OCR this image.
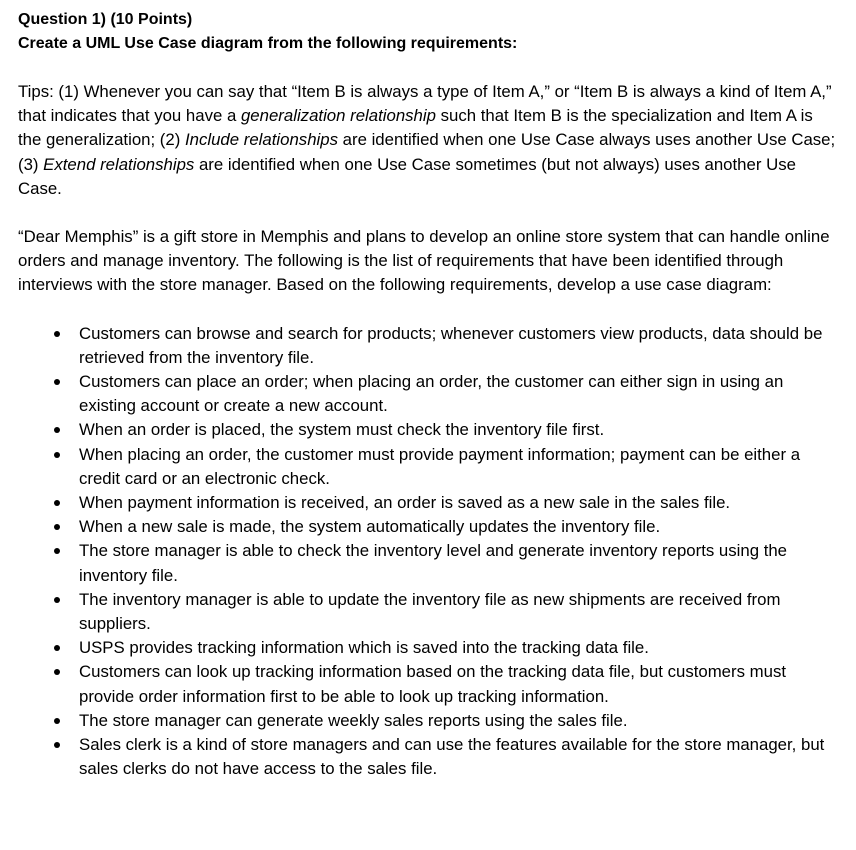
Question 1) (10 Points)

Create a UML Use Case diagram from the following requirements:

Tips: (1) Whenever you can say that “Item B is always a type of Item A,” or “Item B is always a kind of Item A,” that indicates that you have a generalization relationship such that Item B is the specialization and Item A is the generalization; (2) Include relationships are identified when one Use Case always uses another Use Case; (3) Extend relationships are identified when one Use Case sometimes (but not always) uses another Use Case.

“Dear Memphis” is a gift store in Memphis and plans to develop an online store system that can handle online orders and manage inventory. The following is the list of requirements that have been identified through interviews with the store manager. Based on the following requirements, develop a use case diagram:

Customers can browse and search for products; whenever customers view products, data should be retrieved from the inventory file.
Customers can place an order; when placing an order, the customer can either sign in using an existing account or create a new account.
When an order is placed, the system must check the inventory file first.
When placing an order, the customer must provide payment information; payment can be either a credit card or an electronic check.
When payment information is received, an order is saved as a new sale in the sales file.
When a new sale is made, the system automatically updates the inventory file.
The store manager is able to check the inventory level and generate inventory reports using the inventory file.
The inventory manager is able to update the inventory file as new shipments are received from suppliers.
USPS provides tracking information which is saved into the tracking data file.
Customers can look up tracking information based on the tracking data file, but customers must provide order information first to be able to look up tracking information.
The store manager can generate weekly sales reports using the sales file.
Sales clerk is a kind of store managers and can use the features available for the store manager, but sales clerks do not have access to the sales file.
